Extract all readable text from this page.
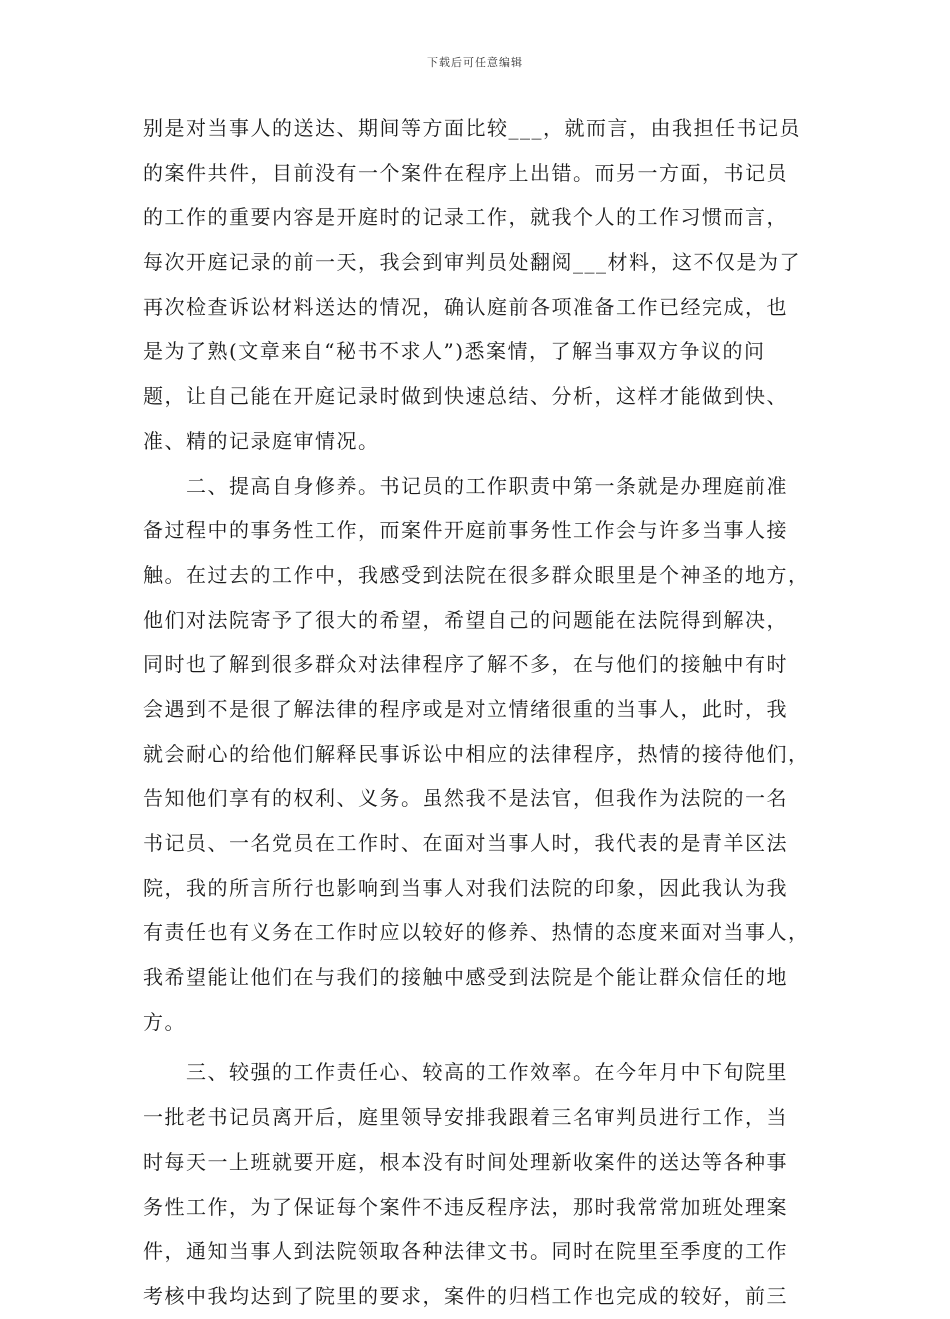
下载后可任意编辑
别是对当事人的送达、期间等方面比较___，就而言，由我担任书记员
的案件共件，目前没有一个案件在程序上出错。而另一方面，书记员
的工作的重要内容是开庭时的记录工作，就我个人的工作习惯而言，
每次开庭记录的前一天，我会到审判员处翻阅___材料，这不仅是为了
再次检查诉讼材料送达的情况，确认庭前各项准备工作已经完成，也
是为了熟(文章来自“秘书不求人”)悉案情，了解当事双方争议的问
题，让自己能在开庭记录时做到快速总结、分析，这样才能做到快、
准、精的记录庭审情况。
　　二、提高自身修养。书记员的工作职责中第一条就是办理庭前准
备过程中的事务性工作，而案件开庭前事务性工作会与许多当事人接
触。在过去的工作中，我感受到法院在很多群众眼里是个神圣的地方，
他们对法院寄予了很大的希望，希望自己的问题能在法院得到解决，
同时也了解到很多群众对法律程序了解不多，在与他们的接触中有时
会遇到不是很了解法律的程序或是对立情绪很重的当事人，此时，我
就会耐心的给他们解释民事诉讼中相应的法律程序，热情的接待他们，
告知他们享有的权利、义务。虽然我不是法官，但我作为法院的一名
书记员、一名党员在工作时、在面对当事人时，我代表的是青羊区法
院，我的所言所行也影响到当事人对我们法院的印象，因此我认为我
有责任也有义务在工作时应以较好的修养、热情的态度来面对当事人，
我希望能让他们在与我们的接触中感受到法院是个能让群众信任的地
方。
　　三、较强的工作责任心、较高的工作效率。在今年月中下旬院里
一批老书记员离开后，庭里领导安排我跟着三名审判员进行工作，当
时每天一上班就要开庭，根本没有时间处理新收案件的送达等各种事
务性工作，为了保证每个案件不违反程序法，那时我常常加班处理案
件，通知当事人到法院领取各种法律文书。同时在院里至季度的工作
考核中我均达到了院里的要求，案件的归档工作也完成的较好，前三
